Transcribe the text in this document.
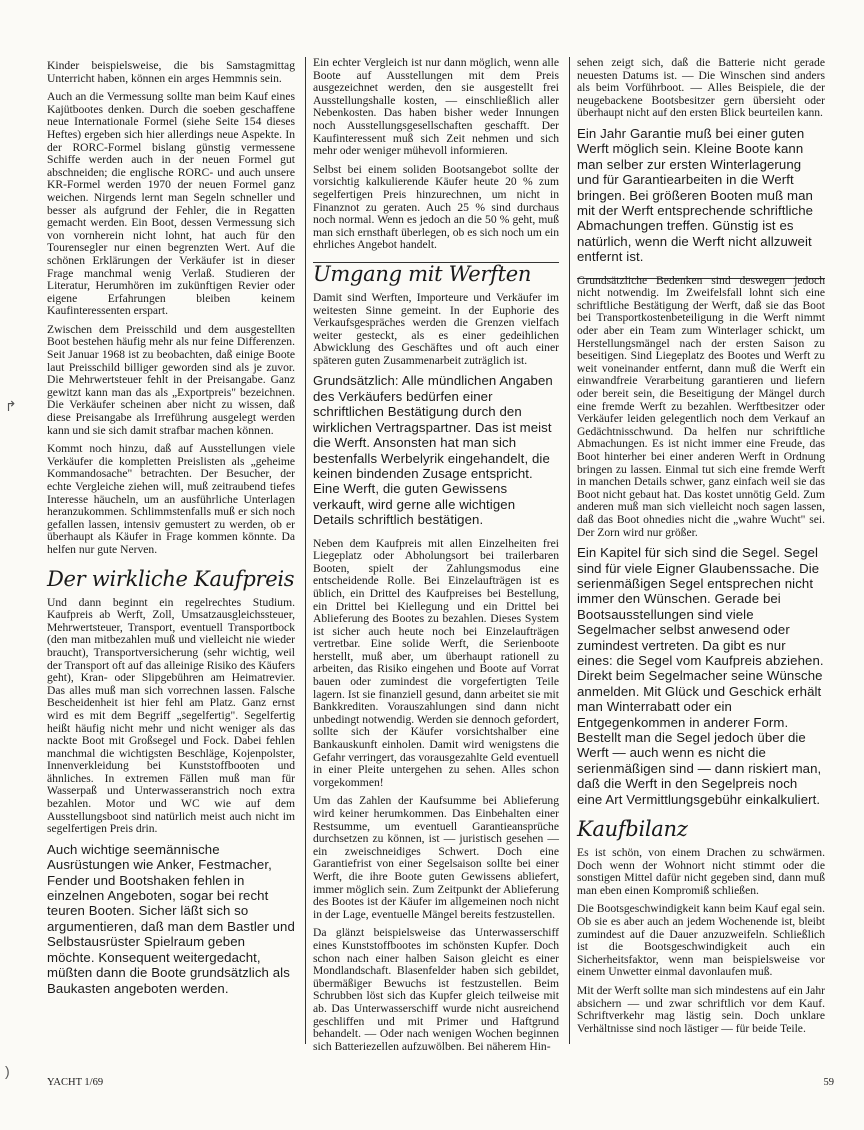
↱
)

Kinder beispielsweise, die bis Samstagmittag Unterricht haben, können ein arges Hemmnis sein.

Auch an die Vermessung sollte man beim Kauf eines Kajütbootes denken. Durch die soeben geschaffene neue Internationale Formel (siehe Seite 154 dieses Heftes) ergeben sich hier allerdings neue Aspekte. In der RORC-Formel bislang günstig vermessene Schiffe werden auch in der neuen Formel gut abschneiden; die englische RORC- und auch unsere KR-Formel werden 1970 der neuen Formel ganz weichen. Nirgends lernt man Segeln schneller und besser als aufgrund der Fehler, die in Regatten gemacht werden. Ein Boot, dessen Vermessung sich von vornherein nicht lohnt, hat auch für den Tourensegler nur einen begrenzten Wert. Auf die schönen Erklärungen der Verkäufer ist in dieser Frage manchmal wenig Verlaß. Studieren der Literatur, Herumhören im zukünftigen Revier oder eigene Erfahrungen bleiben keinem Kaufinteressenten erspart.

Zwischen dem Preisschild und dem ausgestellten Boot bestehen häufig mehr als nur feine Differenzen. Seit Januar 1968 ist zu beobachten, daß einige Boote laut Preisschild billiger geworden sind als je zuvor. Die Mehrwertsteuer fehlt in der Preisangabe. Ganz gewitzt kann man das als „Exportpreis" bezeichnen. Die Verkäufer scheinen aber nicht zu wissen, daß diese Preisangabe als Irreführung ausgelegt werden kann und sie sich damit strafbar machen können.

Kommt noch hinzu, daß auf Ausstellungen viele Verkäufer die kompletten Preislisten als „geheime Kommandosache" betrachten. Der Besucher, der echte Vergleiche ziehen will, muß zeitraubend tiefes Interesse häucheln, um an ausführliche Unterlagen heranzukommen. Schlimmstenfalls muß er sich noch gefallen lassen, intensiv gemustert zu werden, ob er überhaupt als Käufer in Frage kommen könnte. Da helfen nur gute Nerven.

Der wirkliche Kaufpreis

Und dann beginnt ein regelrechtes Studium. Kaufpreis ab Werft, Zoll, Umsatzausgleichssteuer, Mehrwertsteuer, Transport, eventuell Transportbock (den man mitbezahlen muß und vielleicht nie wieder braucht), Transportversicherung (sehr wichtig, weil der Transport oft auf das alleinige Risiko des Käufers geht), Kran- oder Slipgebühren am Heimatrevier. Das alles muß man sich vorrechnen lassen. Falsche Bescheidenheit ist hier fehl am Platz. Ganz ernst wird es mit dem Begriff „segelfertig". Segelfertig heißt häufig nicht mehr und nicht weniger als das nackte Boot mit Großsegel und Fock. Dabei fehlen manchmal die wichtigsten Beschläge, Kojenpolster, Innenverkleidung bei Kunststoffbooten und ähnliches. In extremen Fällen muß man für Wasserpaß und Unterwasseranstrich noch extra bezahlen. Motor und WC wie auf dem Ausstellungsboot sind natürlich meist auch nicht im segelfertigen Preis drin.

Auch wichtige seemännische Ausrüstungen wie Anker, Festmacher, Fender und Bootshaken fehlen in einzelnen Angeboten, sogar bei recht teuren Booten. Sicher läßt sich so argumentieren, daß man dem Bastler und Selbstausrüster Spielraum geben möchte. Konsequent weitergedacht, müßten dann die Boote grundsätzlich als Baukasten angeboten werden.

Ein echter Vergleich ist nur dann möglich, wenn alle Boote auf Ausstellungen mit dem Preis ausgezeichnet werden, den sie ausgestellt frei Ausstellungshalle kosten, — einschließlich aller Nebenkosten. Das haben bisher weder Innungen noch Ausstellungsgesellschaften geschafft. Der Kaufinteressent muß sich Zeit nehmen und sich mehr oder weniger mühevoll informieren.

Selbst bei einem soliden Bootsangebot sollte der vorsichtig kalkulierende Käufer heute 20 % zum segelfertigen Preis hinzurechnen, um nicht in Finanznot zu geraten. Auch 25 % sind durchaus noch normal. Wenn es jedoch an die 50 % geht, muß man sich ernsthaft überlegen, ob es sich noch um ein ehrliches Angebot handelt.

Umgang mit Werften

Damit sind Werften, Importeure und Verkäufer im weitesten Sinne gemeint. In der Euphorie des Verkaufsgespräches werden die Grenzen vielfach weiter gesteckt, als es einer gedeihlichen Abwicklung des Geschäftes und oft auch einer späteren guten Zusammenarbeit zuträglich ist.

Grundsätzlich: Alle mündlichen Angaben des Verkäufers bedürfen einer schriftlichen Bestätigung durch den wirklichen Vertragspartner. Das ist meist die Werft. Ansonsten hat man sich bestenfalls Werbelyrik eingehandelt, die keinen bindenden Zusage entspricht. Eine Werft, die guten Gewissens verkauft, wird gerne alle wichtigen Details schriftlich bestätigen.

Neben dem Kaufpreis mit allen Einzelheiten frei Liegeplatz oder Abholungsort bei trailerbaren Booten, spielt der Zahlungsmodus eine entscheidende Rolle. Bei Einzelaufträgen ist es üblich, ein Drittel des Kaufpreises bei Bestellung, ein Drittel bei Kiellegung und ein Drittel bei Ablieferung des Bootes zu bezahlen. Dieses System ist sicher auch heute noch bei Einzelaufträgen vertretbar. Eine solide Werft, die Serienboote herstellt, muß aber, um überhaupt rationell zu arbeiten, das Risiko eingehen und Boote auf Vorrat bauen oder zumindest die vorgefertigten Teile lagern. Ist sie finanziell gesund, dann arbeitet sie mit Bankkrediten. Vorauszahlungen sind dann nicht unbedingt notwendig. Werden sie dennoch gefordert, sollte sich der Käufer vorsichtshalber eine Bankauskunft einholen. Damit wird wenigstens die Gefahr verringert, das vorausgezahlte Geld eventuell in einer Pleite untergehen zu sehen. Alles schon vorgekommen!

Um das Zahlen der Kaufsumme bei Ablieferung wird keiner herumkommen. Das Einbehalten einer Restsumme, um eventuell Garantieansprüche durchsetzen zu können, ist — juristisch gesehen — ein zweischneidiges Schwert. Doch eine Garantiefrist von einer Segelsaison sollte bei einer Werft, die ihre Boote guten Gewissens abliefert, immer möglich sein. Zum Zeitpunkt der Ablieferung des Bootes ist der Käufer im allgemeinen noch nicht in der Lage, eventuelle Mängel bereits festzustellen.

Da glänzt beispielsweise das Unterwasserschiff eines Kunststoffbootes im schönsten Kupfer. Doch schon nach einer halben Saison gleicht es einer Mondlandschaft. Blasenfelder haben sich gebildet, übermäßiger Bewuchs ist festzustellen. Beim Schrubben löst sich das Kupfer gleich teilweise mit ab. Das Unterwasserschiff wurde nicht ausreichend geschliffen und mit Primer und Haftgrund behandelt. — Oder nach wenigen Wochen beginnen sich Batteriezellen aufzuwölben. Bei näherem Hin-

sehen zeigt sich, daß die Batterie nicht gerade neuesten Datums ist. — Die Winschen sind anders als beim Vorführboot. — Alles Beispiele, die der neugebackene Bootsbesitzer gern übersieht oder überhaupt nicht auf den ersten Blick beurteilen kann.

Ein Jahr Garantie muß bei einer guten Werft möglich sein. Kleine Boote kann man selber zur ersten Winterlagerung und für Garantiearbeiten in die Werft bringen. Bei größeren Booten muß man mit der Werft entsprechende schriftliche Abmachungen treffen. Günstig ist es natürlich, wenn die Werft nicht allzuweit entfernt ist.

Grundsätzliche Bedenken sind deswegen jedoch nicht notwendig. Im Zweifelsfall lohnt sich eine schriftliche Bestätigung der Werft, daß sie das Boot bei Transportkostenbeteiligung in die Werft nimmt oder aber ein Team zum Winterlager schickt, um Herstellungsmängel nach der ersten Saison zu beseitigen. Sind Liegeplatz des Bootes und Werft zu weit voneinander entfernt, dann muß die Werft ein einwandfreie Verarbeitung garantieren und liefern oder bereit sein, die Beseitigung der Mängel durch eine fremde Werft zu bezahlen. Werftbesitzer oder Verkäufer leiden gelegentlich noch dem Verkauf an Gedächtnisschwund. Da helfen nur schriftliche Abmachungen. Es ist nicht immer eine Freude, das Boot hinterher bei einer anderen Werft in Ordnung bringen zu lassen. Einmal tut sich eine fremde Werft in manchen Details schwer, ganz einfach weil sie das Boot nicht gebaut hat. Das kostet unnötig Geld. Zum anderen muß man sich vielleicht noch sagen lassen, daß das Boot ohnedies nicht die „wahre Wucht" sei. Der Zorn wird nur größer.

Ein Kapitel für sich sind die Segel. Segel sind für viele Eigner Glaubenssache. Die serienmäßigen Segel entsprechen nicht immer den Wünschen. Gerade bei Bootsausstellungen sind viele Segelmacher selbst anwesend oder zumindest vertreten. Da gibt es nur eines: die Segel vom Kaufpreis abziehen. Direkt beim Segelmacher seine Wünsche anmelden. Mit Glück und Geschick erhält man Winterrabatt oder ein Entgegenkommen in anderer Form. Bestellt man die Segel jedoch über die Werft — auch wenn es nicht die serienmäßigen sind — dann riskiert man, daß die Werft in den Segelpreis noch eine Art Vermittlungsgebühr einkalkuliert.

Kaufbilanz

Es ist schön, von einem Drachen zu schwärmen. Doch wenn der Wohnort nicht stimmt oder die sonstigen Mittel dafür nicht gegeben sind, dann muß man eben einen Kompromiß schließen.

Die Bootsgeschwindigkeit kann beim Kauf egal sein. Ob sie es aber auch an jedem Wochenende ist, bleibt zumindest auf die Dauer anzuzweifeln. Schließlich ist die Bootsgeschwindigkeit auch ein Sicherheitsfaktor, wenn man beispielsweise vor einem Unwetter einmal davonlaufen muß.

Mit der Werft sollte man sich mindestens auf ein Jahr absichern — und zwar schriftlich vor dem Kauf. Schriftverkehr mag lästig sein. Doch unklare Verhältnisse sind noch lästiger — für beide Teile.

YACHT 1/69	59
